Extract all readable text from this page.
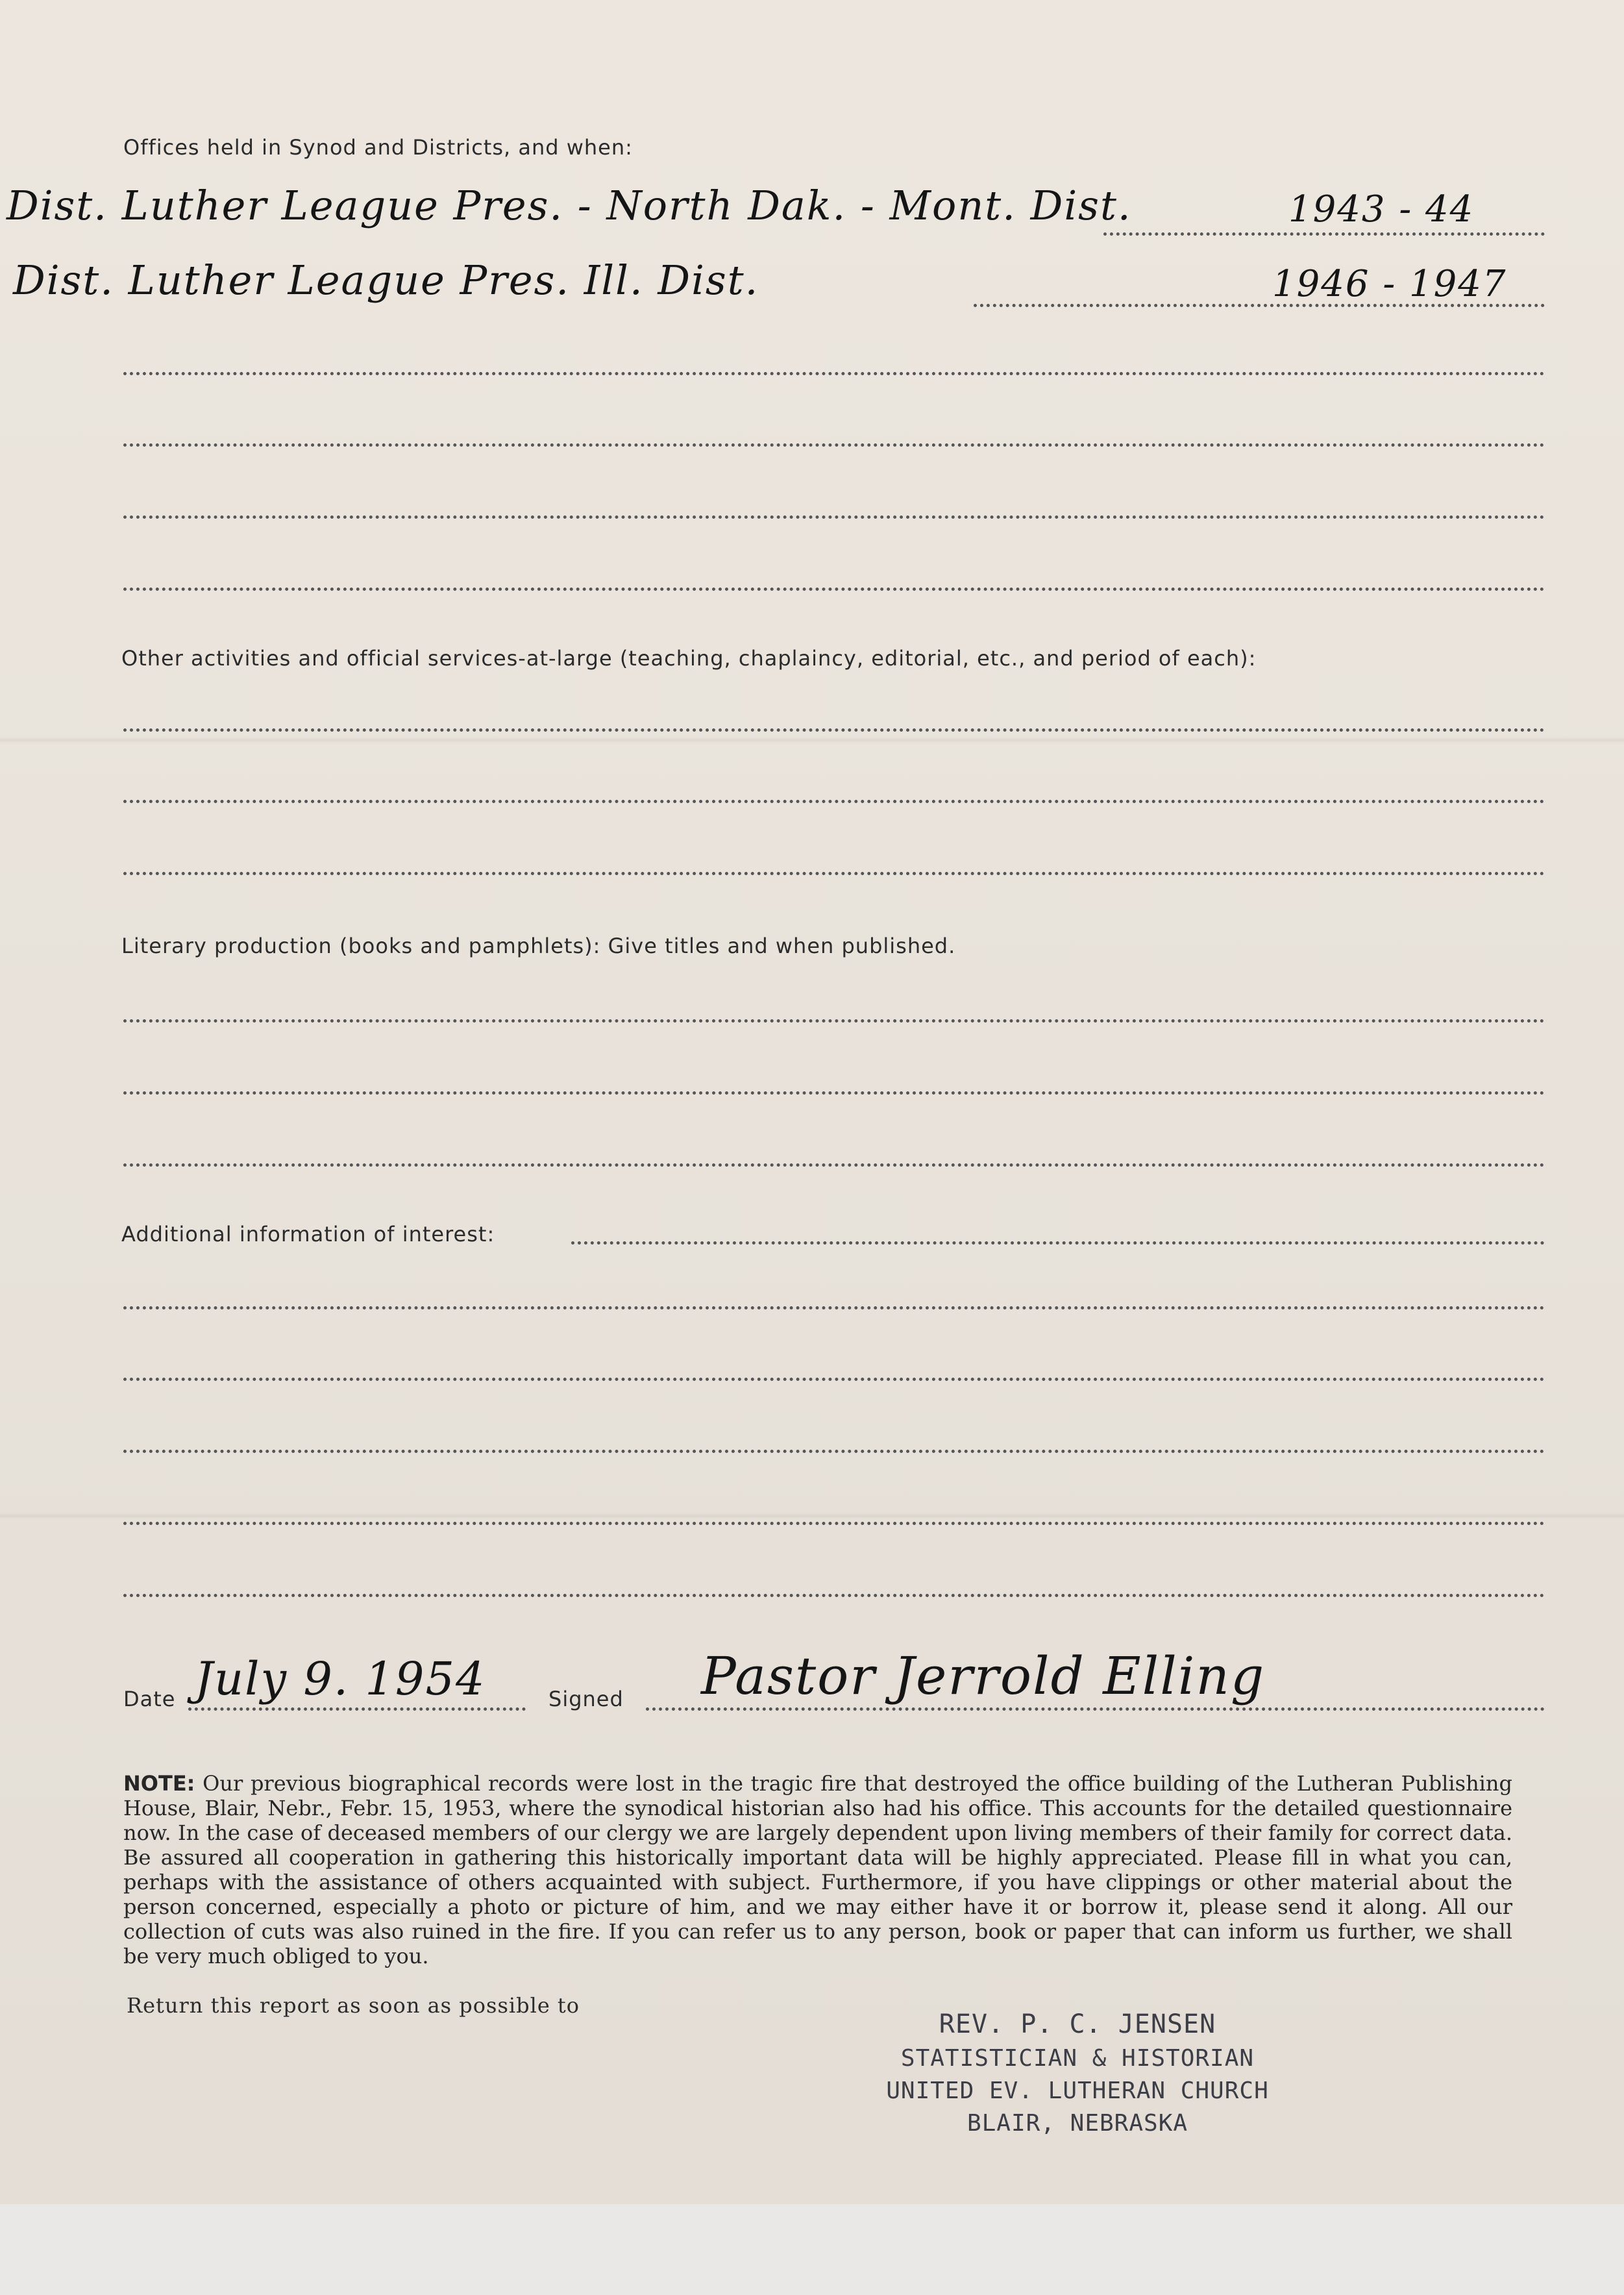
Offices held in Synod and Districts, and when:
Dist. Luther League Pres. - North Dak. - Mont. Dist.	1943 - 44
Dist. Luther League Pres. Ill. Dist.	1946 - 1947
Other activities and official services-at-large (teaching, chaplaincy, editorial, etc., and period of each):
Literary production (books and pamphlets): Give titles and when published.
Additional information of interest:
Date July 9. 1954	Signed Pastor Jerrold Elling
NOTE: Our previous biographical records were lost in the tragic fire that destroyed the office building of the Lutheran Publishing House, Blair, Nebr., Febr. 15, 1953, where the synodical historian also had his office. This accounts for the detailed questionnaire now. In the case of deceased members of our clergy we are largely dependent upon living members of their family for correct data. Be assured all cooperation in gathering this historically important data will be highly appreciated. Please fill in what you can, perhaps with the assistance of others acquainted with subject. Furthermore, if you have clippings or other material about the person concerned, especially a photo or picture of him, and we may either have it or borrow it, please send it along. All our collection of cuts was also ruined in the fire. If you can refer us to any person, book or paper that can inform us further, we shall be very much obliged to you.
Return this report as soon as possible to
REV. P. C. JENSEN
STATISTICIAN & HISTORIAN
UNITED EV. LUTHERAN CHURCH
BLAIR, NEBRASKA
